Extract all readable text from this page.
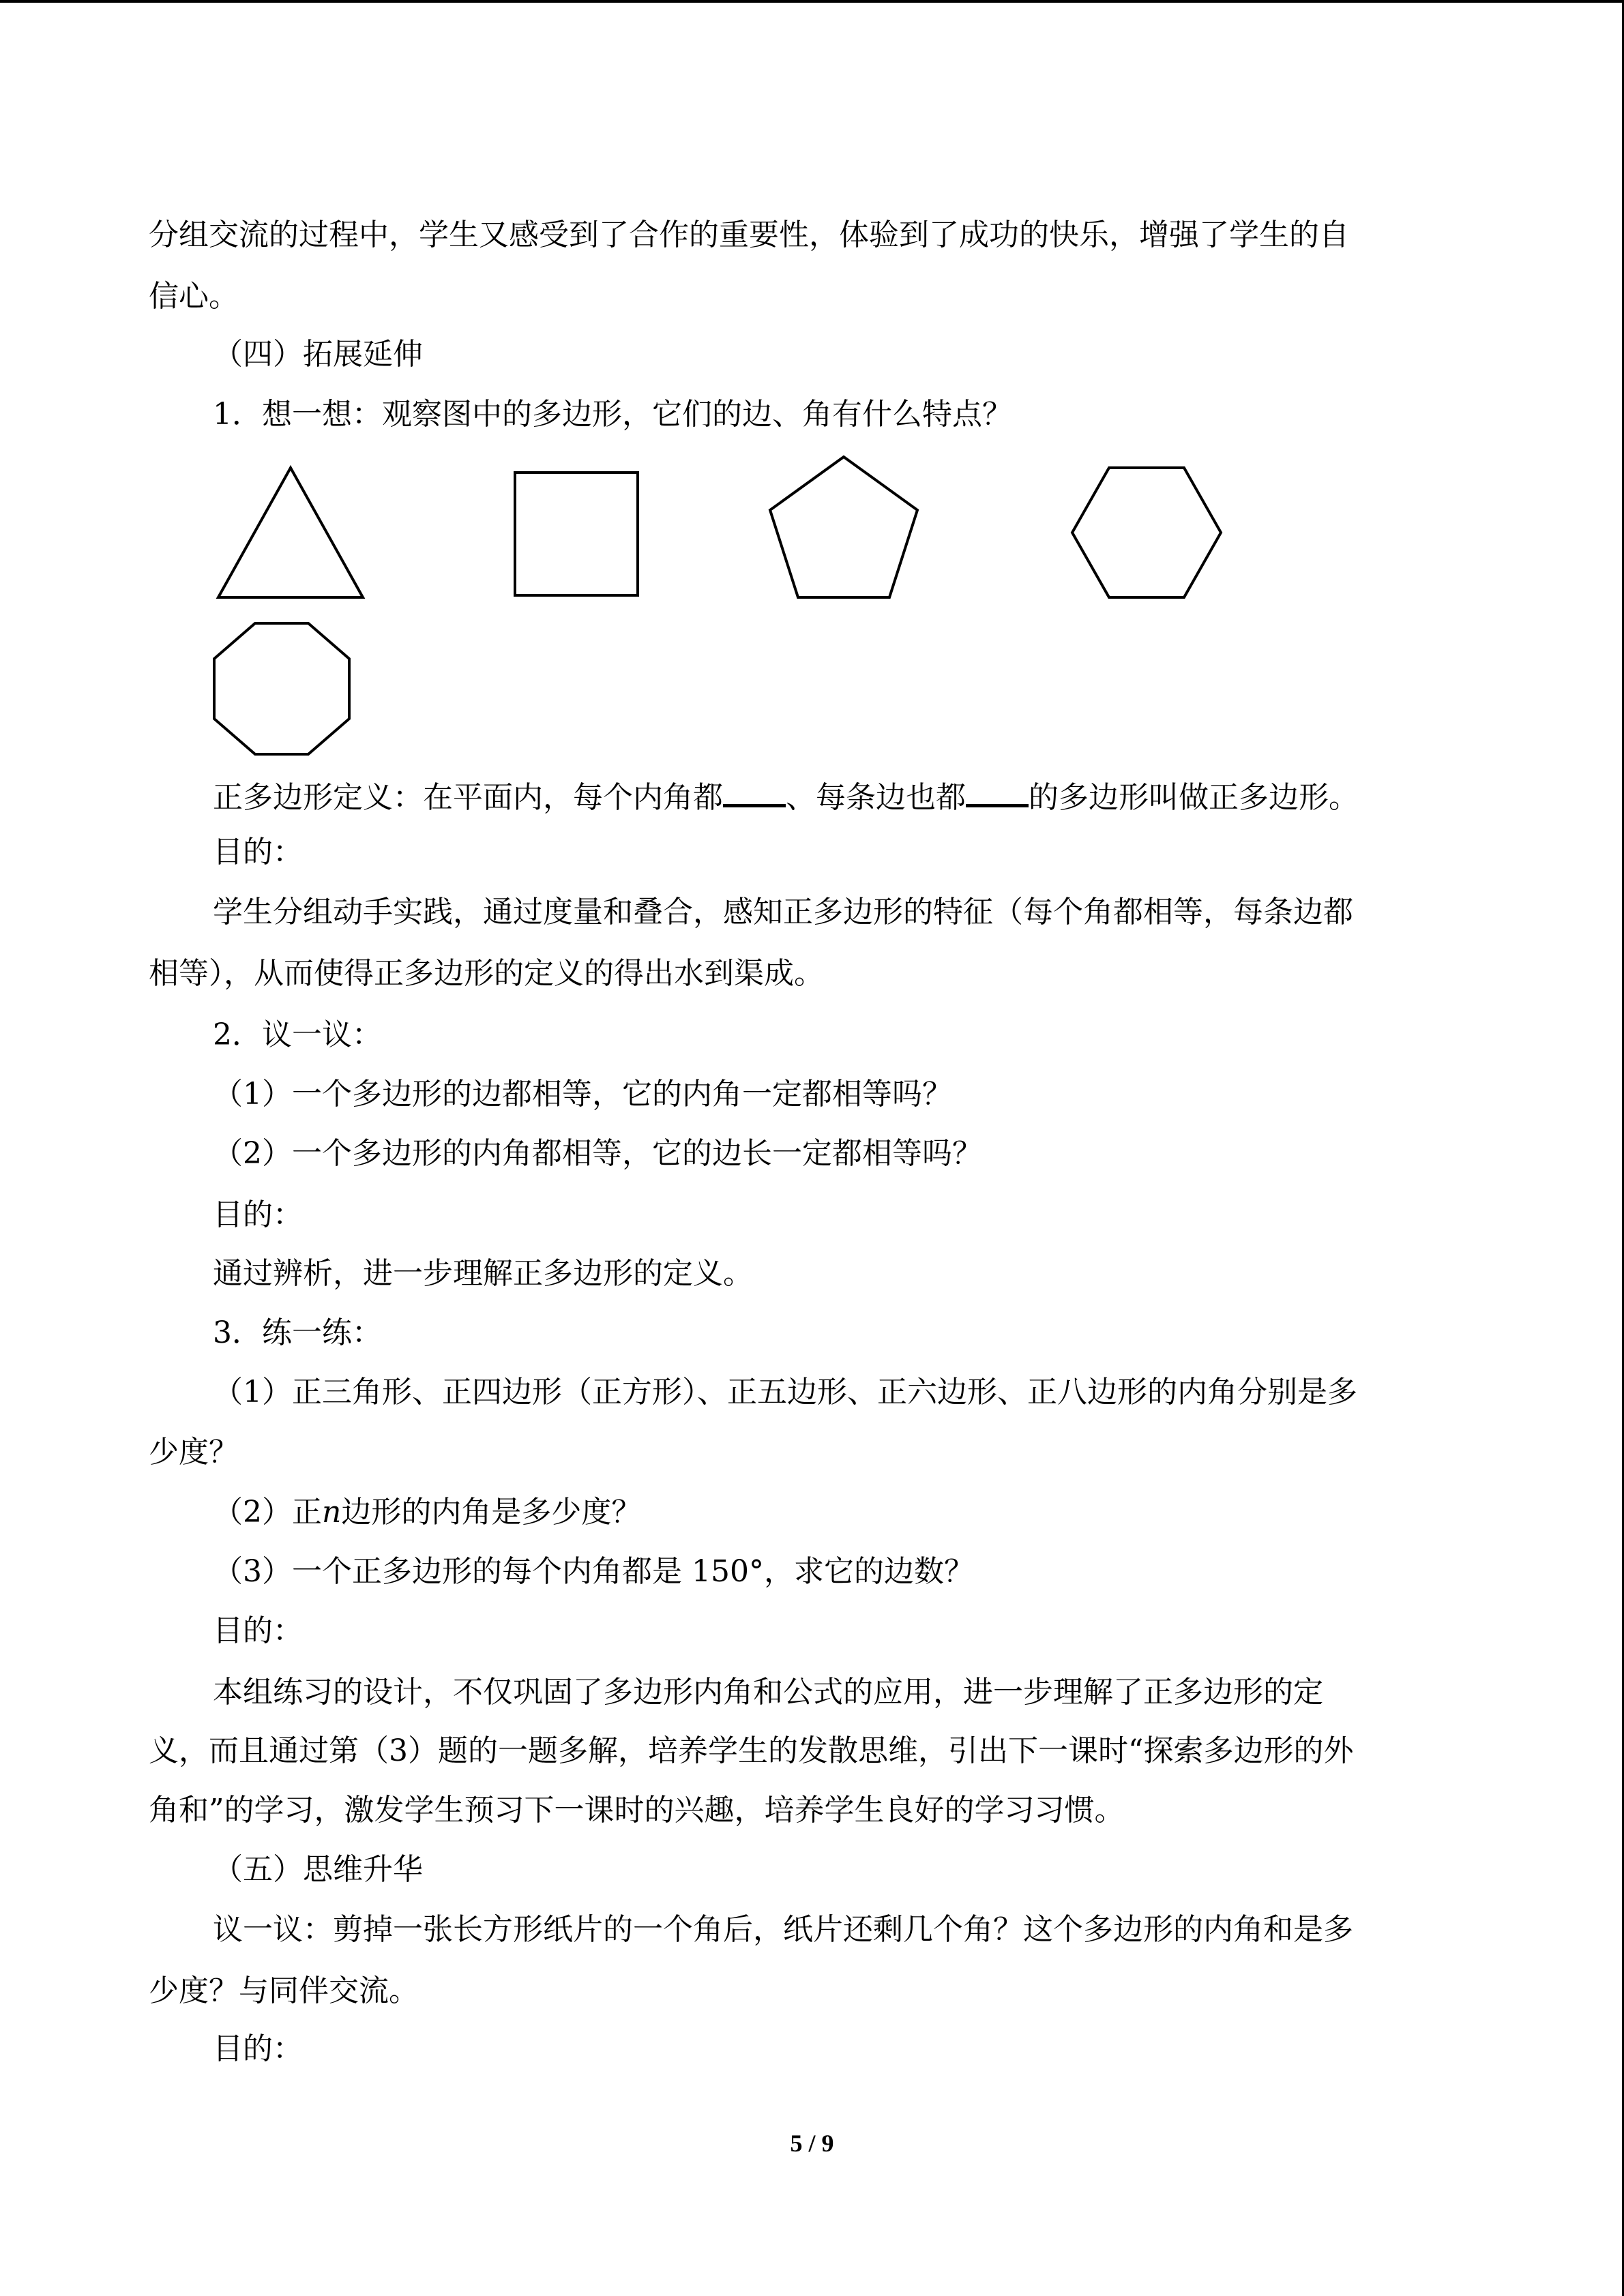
分组交流的过程中，学生又感受到了合作的重要性，体验到了成功的快乐，增强了学生的自
信心。
（四）拓展延伸
1．想一想：观察图中的多边形，它们的边、角有什么特点？
正多边形定义：在平面内，每个内角都 、每条边也都 的多边形叫做正多边形。
目的：
学生分组动手实践，通过度量和叠合，感知正多边形的特征（每个角都相等，每条边都
相等），从而使得正多边形的定义的得出水到渠成。
2．议一议：
（1）一个多边形的边都相等，它的内角一定都相等吗？
（2）一个多边形的内角都相等，它的边长一定都相等吗？
目的：
通过辨析，进一步理解正多边形的定义。
3．练一练：
（1）正三角形、正四边形（正方形）、正五边形、正六边形、正八边形的内角分别是多
少度？
（2）正n边形的内角是多少度？
（3）一个正多边形的每个内角都是 150°，求它的边数？
目的：
本组练习的设计，不仅巩固了多边形内角和公式的应用，进一步理解了正多边形的定
义，而且通过第（3）题的一题多解，培养学生的发散思维，引出下一课时“探索多边形的外
角和”的学习，激发学生预习下一课时的兴趣，培养学生良好的学习习惯。
（五）思维升华
议一议：剪掉一张长方形纸片的一个角后，纸片还剩几个角？这个多边形的内角和是多
少度？与同伴交流。
目的：
5 / 9
